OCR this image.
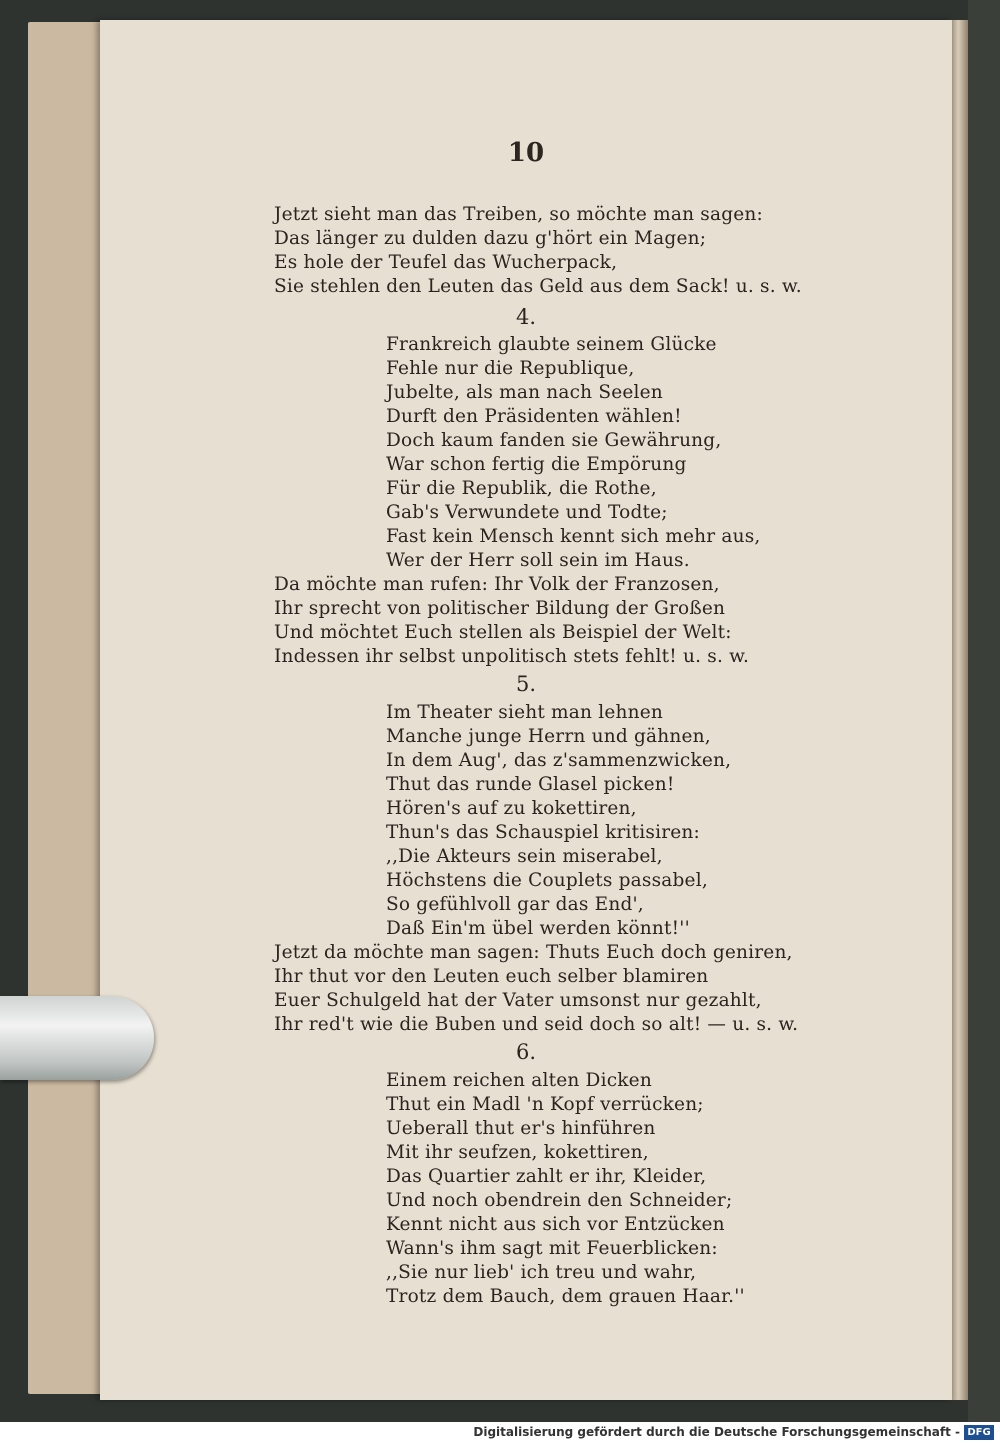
10
Jetzt sieht man das Treiben, so möchte man sagen:
Das länger zu dulden dazu g'hört ein Magen;
Es hole der Teufel das Wucherpack,
Sie stehlen den Leuten das Geld aus dem Sack! u. s. w.
4.
Frankreich glaubte seinem Glücke
Fehle nur die Republique,
Jubelte, als man nach Seelen
Durft den Präsidenten wählen!
Doch kaum fanden sie Gewährung,
War schon fertig die Empörung
Für die Republik, die Rothe,
Gab's Verwundete und Todte;
Fast kein Mensch kennt sich mehr aus,
Wer der Herr soll sein im Haus.
Da möchte man rufen: Ihr Volk der Franzosen,
Ihr sprecht von politischer Bildung der Großen
Und möchtet Euch stellen als Beispiel der Welt:
Indessen ihr selbst unpolitisch stets fehlt! u. s. w.
5.
Im Theater sieht man lehnen
Manche junge Herrn und gähnen,
In dem Aug', das z'sammenzwicken,
Thut das runde Glasel picken!
Hören's auf zu kokettiren,
Thun's das Schauspiel kritisiren:
,,Die Akteurs sein miserabel,
Höchstens die Couplets passabel,
So gefühlvoll gar das End',
Daß Ein'm übel werden könnt!''
Jetzt da möchte man sagen: Thuts Euch doch geniren,
Ihr thut vor den Leuten euch selber blamiren
Euer Schulgeld hat der Vater umsonst nur gezahlt,
Ihr red't wie die Buben und seid doch so alt! — u. s. w.
6.
Einem reichen alten Dicken
Thut ein Madl 'n Kopf verrücken;
Ueberall thut er's hinführen
Mit ihr seufzen, kokettiren,
Das Quartier zahlt er ihr, Kleider,
Und noch obendrein den Schneider;
Kennt nicht aus sich vor Entzücken
Wann's ihm sagt mit Feuerblicken:
,,Sie nur lieb' ich treu und wahr,
Trotz dem Bauch, dem grauen Haar.''
Digitalisierung gefördert durch die Deutsche Forschungsgemeinschaft - DFG
